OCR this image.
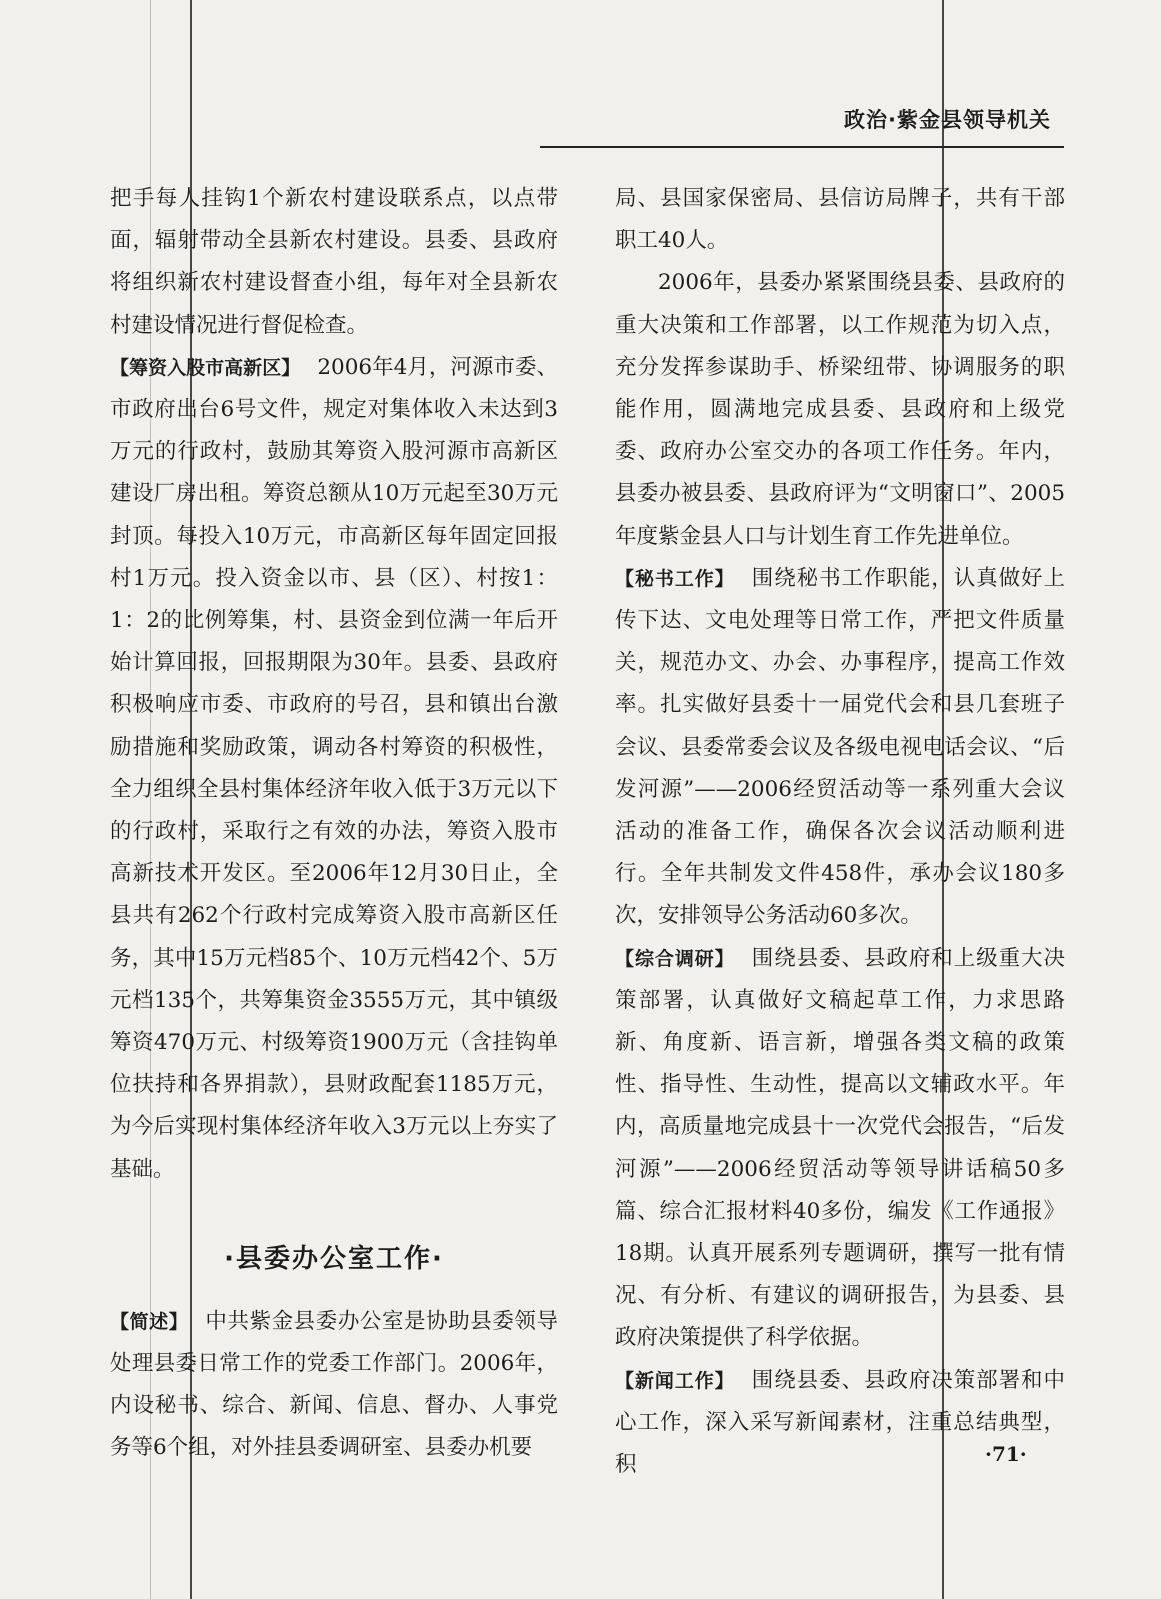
政治·紫金县领导机关

把手每人挂钩1个新农村建设联系点，以点带面，辐射带动全县新农村建设。县委、县政府将组织新农村建设督查小组，每年对全县新农村建设情况进行督促检查。

【筹资入股市高新区】 2006年4月，河源市委、市政府出台6号文件，规定对集体收入未达到3万元的行政村，鼓励其筹资入股河源市高新区建设厂房出租。筹资总额从10万元起至30万元封顶。每投入10万元，市高新区每年固定回报村1万元。投入资金以市、县（区）、村按1：1：2的比例筹集，村、县资金到位满一年后开始计算回报，回报期限为30年。县委、县政府积极响应市委、市政府的号召，县和镇出台激励措施和奖励政策，调动各村筹资的积极性，全力组织全县村集体经济年收入低于3万元以下的行政村，采取行之有效的办法，筹资入股市高新技术开发区。至2006年12月30日止，全县共有262个行政村完成筹资入股市高新区任务，其中15万元档85个、10万元档42个、5万元档135个，共筹集资金3555万元，其中镇级筹资470万元、村级筹资1900万元（含挂钩单位扶持和各界捐款），县财政配套1185万元，为今后实现村集体经济年收入3万元以上夯实了基础。

·县委办公室工作·

【简述】 中共紫金县委办公室是协助县委领导处理县委日常工作的党委工作部门。2006年，内设秘书、综合、新闻、信息、督办、人事党务等6个组，对外挂县委调研室、县委办机要

局、县国家保密局、县信访局牌子，共有干部职工40人。

2006年，县委办紧紧围绕县委、县政府的重大决策和工作部署，以工作规范为切入点，充分发挥参谋助手、桥梁纽带、协调服务的职能作用，圆满地完成县委、县政府和上级党委、政府办公室交办的各项工作任务。年内，县委办被县委、县政府评为“文明窗口”、2005年度紫金县人口与计划生育工作先进单位。

【秘书工作】 围绕秘书工作职能，认真做好上传下达、文电处理等日常工作，严把文件质量关，规范办文、办会、办事程序，提高工作效率。扎实做好县委十一届党代会和县几套班子会议、县委常委会议及各级电视电话会议、“后发河源”——2006经贸活动等一系列重大会议活动的准备工作，确保各次会议活动顺利进行。全年共制发文件458件，承办会议180多次，安排领导公务活动60多次。

【综合调研】 围绕县委、县政府和上级重大决策部署，认真做好文稿起草工作，力求思路新、角度新、语言新，增强各类文稿的政策性、指导性、生动性，提高以文辅政水平。年内，高质量地完成县十一次党代会报告，“后发河源”——2006经贸活动等领导讲话稿50多篇、综合汇报材料40多份，编发《工作通报》18期。认真开展系列专题调研，撰写一批有情况、有分析、有建议的调研报告，为县委、县政府决策提供了科学依据。

【新闻工作】 围绕县委、县政府决策部署和中心工作，深入采写新闻素材，注重总结典型，积	·71·
